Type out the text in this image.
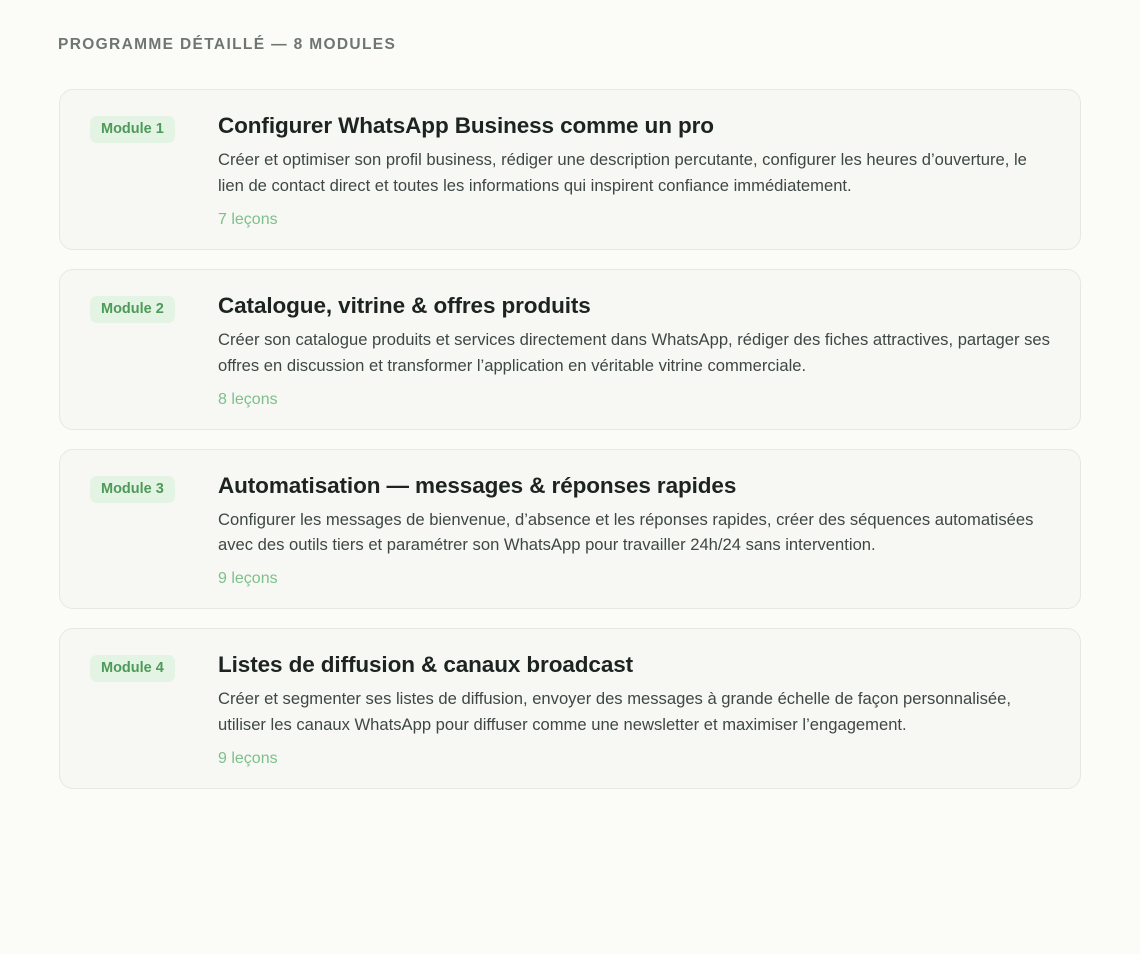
PROGRAMME DÉTAILLÉ — 8 MODULES
Module 1	Configurer WhatsApp Business comme un pro

Créer et optimiser son profil business, rédiger une description percutante, configurer les heures d’ouverture, le lien de contact direct et toutes les informations qui inspirent confiance immédiatement.

7 leçons

Module 2	Catalogue, vitrine & offres produits

Créer son catalogue produits et services directement dans WhatsApp, rédiger des fiches attractives, partager ses offres en discussion et transformer l’application en véritable vitrine commerciale.

8 leçons

Module 3	Automatisation — messages & réponses rapides

Configurer les messages de bienvenue, d’absence et les réponses rapides, créer des séquences automatisées avec des outils tiers et paramétrer son WhatsApp pour travailler 24h/24 sans intervention.

9 leçons

Module 4	Listes de diffusion & canaux broadcast

Créer et segmenter ses listes de diffusion, envoyer des messages à grande échelle de façon personnalisée, utiliser les canaux WhatsApp pour diffuser comme une newsletter et maximiser l’engagement.

9 leçons
